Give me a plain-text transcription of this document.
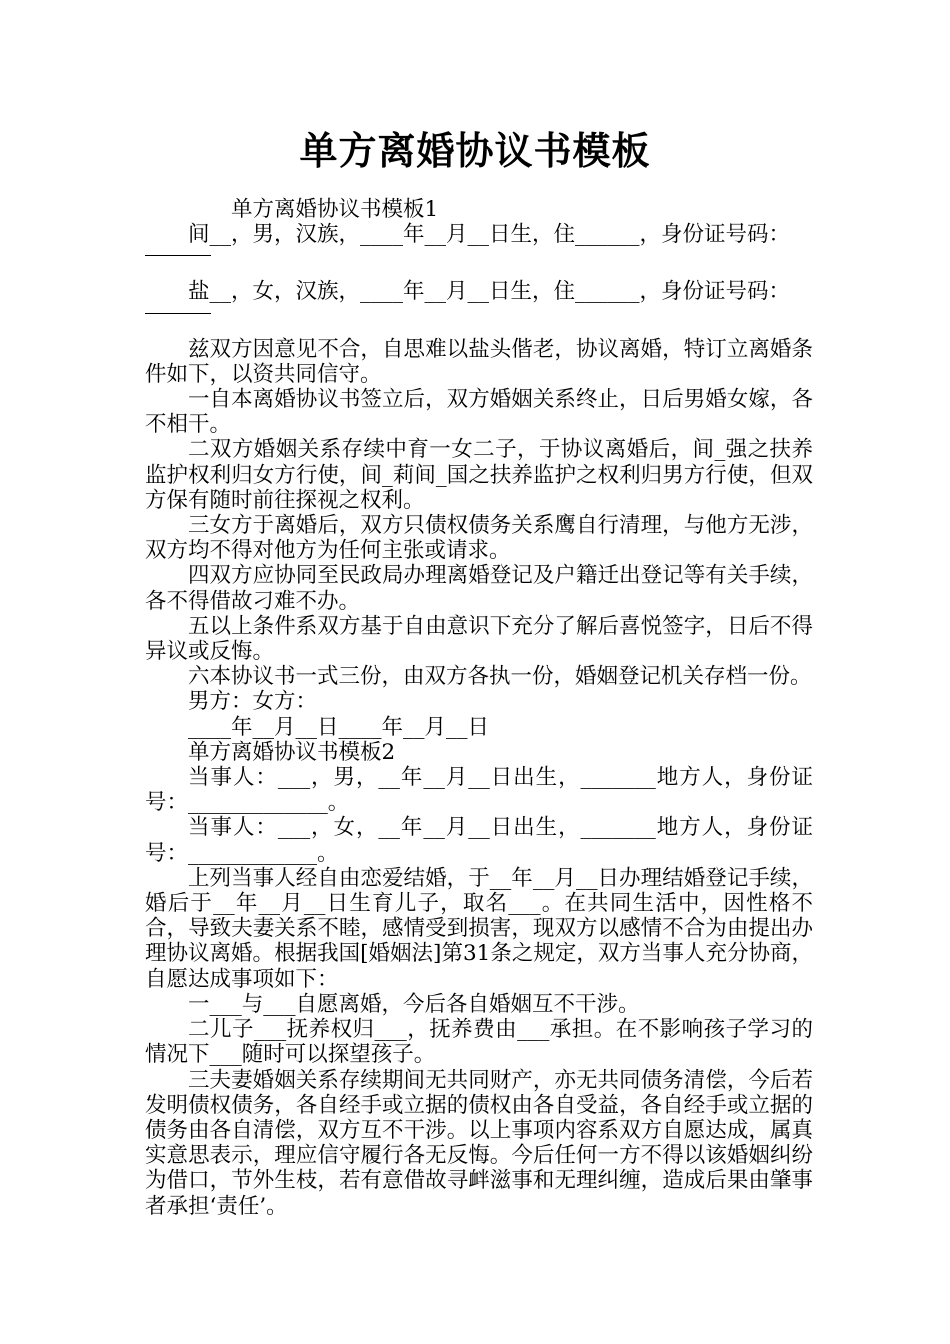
单方离婚协议书模板

单方离婚协议书模板1

间__，男，汉族，____年__月__日生，住______，身份证号码：

盐__，女，汉族，____年__月__日生，住______，身份证号码：

兹双方因意见不合，自思难以盐头偕老，协议离婚，特订立离婚条件如下，以资共同信守。

一自本离婚协议书签立后，双方婚姻关系终止，日后男婚女嫁，各不相干。

二双方婚姻关系存续中育一女二子，于协议离婚后，间_强之扶养监护权利归女方行使，间_莉间_国之扶养监护之权利归男方行使，但双方保有随时前往探视之权利。

三女方于离婚后，双方只债权债务关系鹰自行清理，与他方无涉，双方均不得对他方为任何主张或请求。

四双方应协同至民政局办理离婚登记及户籍迁出登记等有关手续，各不得借故刁难不办。

五以上条件系双方基于自由意识下充分了解后喜悦签字，日后不得异议或反悔。

六本协议书一式三份，由双方各执一份，婚姻登记机关存档一份。

男方：女方：

____年__月__日____年__月__日

单方离婚协议书模板2

当事人：___，男，__年__月__日出生，_______地方人，身份证号：_____________。

当事人：___，女，__年__月__日出生，_______地方人，身份证号：____________。

上列当事人经自由恋爱结婚，于__年__月__日办理结婚登记手续，婚后于__年__月__日生育儿子，取名___。在共同生活中，因性格不合，导致夫妻关系不睦，感情受到损害，现双方以感情不合为由提出办理协议离婚。根据我国[婚姻法]第31条之规定，双方当事人充分协商，自愿达成事项如下：

一___与___自愿离婚，今后各自婚姻互不干涉。

二儿子___抚养权归___，抚养费由___承担。在不影响孩子学习的情况下___随时可以探望孩子。

三夫妻婚姻关系存续期间无共同财产，亦无共同债务清偿，今后若发明债权债务，各自经手或立据的债权由各自受益，各自经手或立据的债务由各自清偿，双方互不干涉。以上事项内容系双方自愿达成，属真实意思表示，理应信守履行各无反悔。今后任何一方不得以该婚姻纠纷为借口，节外生枝，若有意借故寻衅滋事和无理纠缠，造成后果由肇事者承担‘责任’。
